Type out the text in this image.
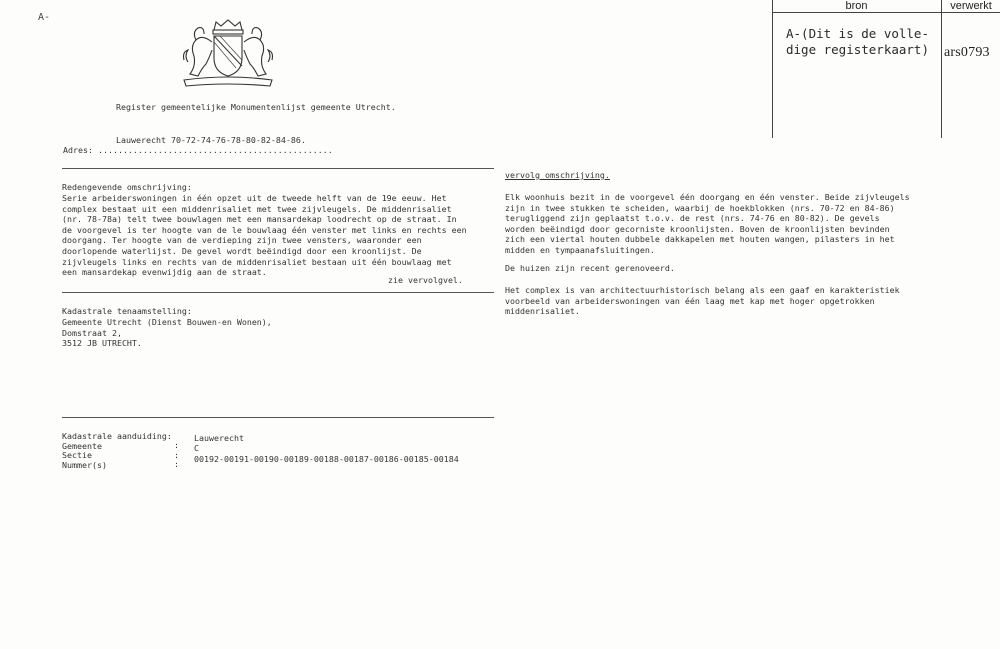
A-
bron	verwerkt
A-(Dit is de volle-
dige registerkaart) ars0793
Register gemeentelijke Monumentenlijst gemeente Utrecht.
Lauwerecht 70-72-74-76-78-80-82-84-86.
Adres: ...............................................
Redengevende omschrijving:
Serie arbeiderswoningen in één opzet uit de tweede helft van de 19e eeuw. Het
complex bestaat uit een middenrisaliet met twee zijvleugels. De middenrisaliet
(nr. 78-78a) telt twee bouwlagen met een mansardekap loodrecht op de straat. In
de voorgevel is ter hoogte van de le bouwlaag één venster met links en rechts een
doorgang. Ter hoogte van de verdieping zijn twee vensters, waaronder een
doorlopende waterlijst. De gevel wordt beëindigd door een kroonlijst. De
zijvleugels links en rechts van de middenrisaliet bestaan uit één bouwlaag met
een mansardekap evenwijdig aan de straat.
zie vervolgvel.
Kadastrale tenaamstelling:
Gemeente Utrecht (Dienst Bouwen-en Wonen),
Domstraat 2,
3512 JB UTRECHT.
Kadastrale aanduiding:
Gemeente
Sectie
Nummer(s)
:
:
:
Lauwerecht
C
00192-00191-00190-00189-00188-00187-00186-00185-00184
vervolg omschrijving.
Elk woonhuis bezit in de voorgevel één doorgang en één venster. Beide zijvleugels
zijn in twee stukken te scheiden, waarbij de hoekblokken (nrs. 70-72 en 84-86)
terugliggend zijn geplaatst t.o.v. de rest (nrs. 74-76 en 80-82). De gevels
worden beëindigd door gecorniste kroonlijsten. Boven de kroonlijsten bevinden
zich een viertal houten dubbele dakkapelen met houten wangen, pilasters in het
midden en tympaanafsluitingen.
De huizen zijn recent gerenoveerd.
Het complex is van architectuurhistorisch belang als een gaaf en karakteristiek
voorbeeld van arbeiderswoningen van één laag met kap met hoger opgetrokken
middenrisaliet.
